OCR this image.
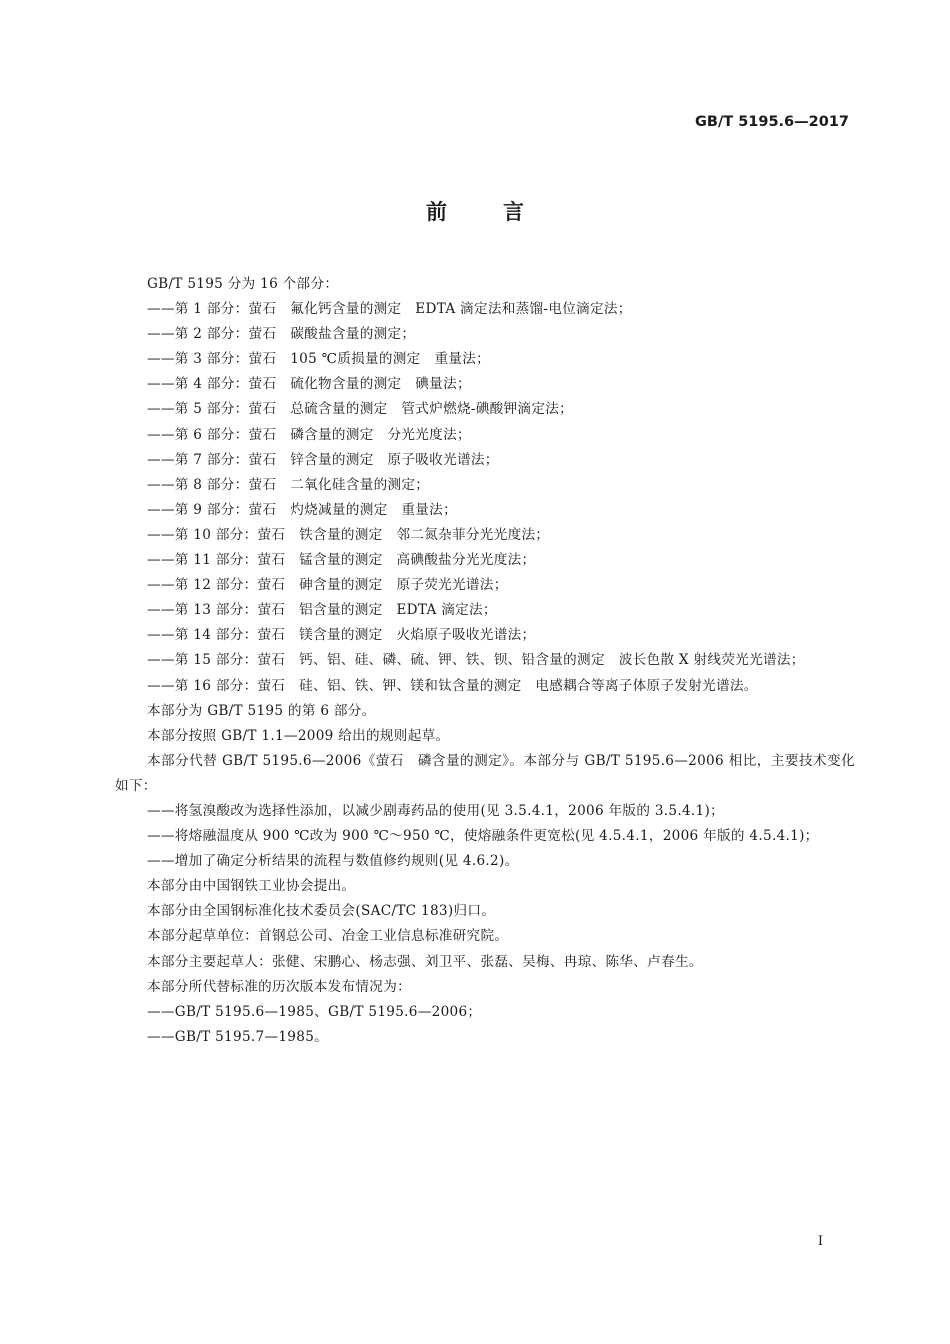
GB/T 5195.6—2017
前言
GB/T 5195 分为 16 个部分：
——第 1 部分：萤石　氟化钙含量的测定　EDTA 滴定法和蒸馏-电位滴定法；
——第 2 部分：萤石　碳酸盐含量的测定；
——第 3 部分：萤石　105 ℃质损量的测定　重量法；
——第 4 部分：萤石　硫化物含量的测定　碘量法；
——第 5 部分：萤石　总硫含量的测定　管式炉燃烧-碘酸钾滴定法；
——第 6 部分：萤石　磷含量的测定　分光光度法；
——第 7 部分：萤石　锌含量的测定　原子吸收光谱法；
——第 8 部分：萤石　二氧化硅含量的测定；
——第 9 部分：萤石　灼烧减量的测定　重量法；
——第 10 部分：萤石　铁含量的测定　邻二氮杂菲分光光度法；
——第 11 部分：萤石　锰含量的测定　高碘酸盐分光光度法；
——第 12 部分：萤石　砷含量的测定　原子荧光光谱法；
——第 13 部分：萤石　铝含量的测定　EDTA 滴定法；
——第 14 部分：萤石　镁含量的测定　火焰原子吸收光谱法；
——第 15 部分：萤石　钙、铝、硅、磷、硫、钾、铁、钡、铅含量的测定　波长色散 X 射线荧光光谱法；
——第 16 部分：萤石　硅、铝、铁、钾、镁和钛含量的测定　电感耦合等离子体原子发射光谱法。
本部分为 GB/T 5195 的第 6 部分。
本部分按照 GB/T 1.1—2009 给出的规则起草。
本部分代替 GB/T 5195.6—2006《萤石　磷含量的测定》。本部分与 GB/T 5195.6—2006 相比，主要技术变化如下：
——将氢溴酸改为选择性添加，以减少剧毒药品的使用(见 3.5.4.1，2006 年版的 3.5.4.1)；
——将熔融温度从 900 ℃改为 900 ℃～950 ℃，使熔融条件更宽松(见 4.5.4.1，2006 年版的 4.5.4.1)；
——增加了确定分析结果的流程与数值修约规则(见 4.6.2)。
本部分由中国钢铁工业协会提出。
本部分由全国钢标准化技术委员会(SAC/TC 183)归口。
本部分起草单位：首钢总公司、冶金工业信息标准研究院。
本部分主要起草人：张健、宋鹏心、杨志强、刘卫平、张磊、吴梅、冉琼、陈华、卢春生。
本部分所代替标准的历次版本发布情况为：
——GB/T 5195.6—1985、GB/T 5195.6—2006；
——GB/T 5195.7—1985。
I
